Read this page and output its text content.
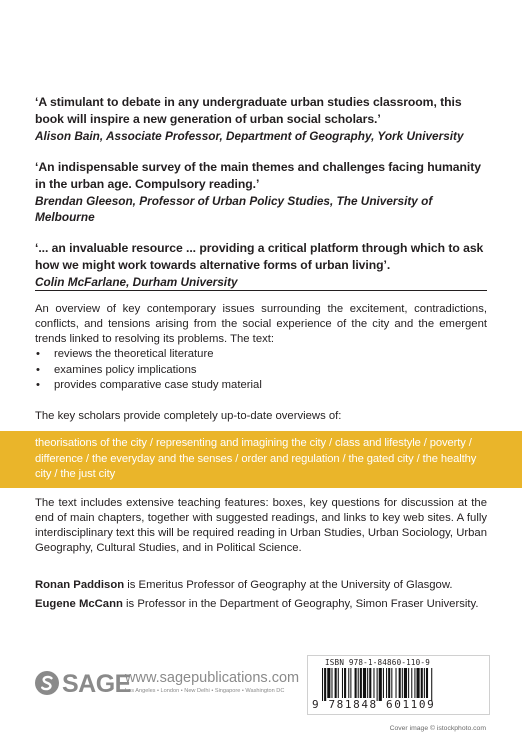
‘A stimulant to debate in any undergraduate urban studies classroom, this book will inspire a new generation of urban social scholars.’

Alison Bain, Associate Professor, Department of Geography, York University

‘An indispensable survey of the main themes and challenges facing humanity in the urban age. Compulsory reading.’

Brendan Gleeson, Professor of Urban Policy Studies, The University of Melbourne

‘... an invaluable resource ... providing a critical platform through which to ask how we might work towards alternative forms of urban living’.

Colin McFarlane, Durham University

An overview of key contemporary issues surrounding the excitement, contradictions, conflicts, and tensions arising from the social experience of the city and the emergent trends linked to resolving its problems. The text:

• reviews the theoretical literature
• examines policy implications
• provides comparative case study material

The key scholars provide completely up-to-date overviews of:

theorisations of the city / representing and imagining the city / class and lifestyle / poverty / difference / the everyday and the senses / order and regulation / the gated city / the healthy city / the just city

The text includes extensive teaching features: boxes, key questions for discussion at the end of main chapters, together with suggested readings, and links to key web sites. A fully interdisciplinary text this will be required reading in Urban Studies, Urban Sociology, Urban Geography, Cultural Studies, and in Political Science.

Ronan Paddison is Emeritus Professor of Geography at the University of Glasgow.

Eugene McCann is Professor in the Department of Geography, Simon Fraser University.

SAGE
www.sagepublications.com
Los Angeles • London • New Delhi • Singapore • Washington DC
ISBN 978-1-84860-110-9
9 781848 601109
Cover image © istockphoto.com
